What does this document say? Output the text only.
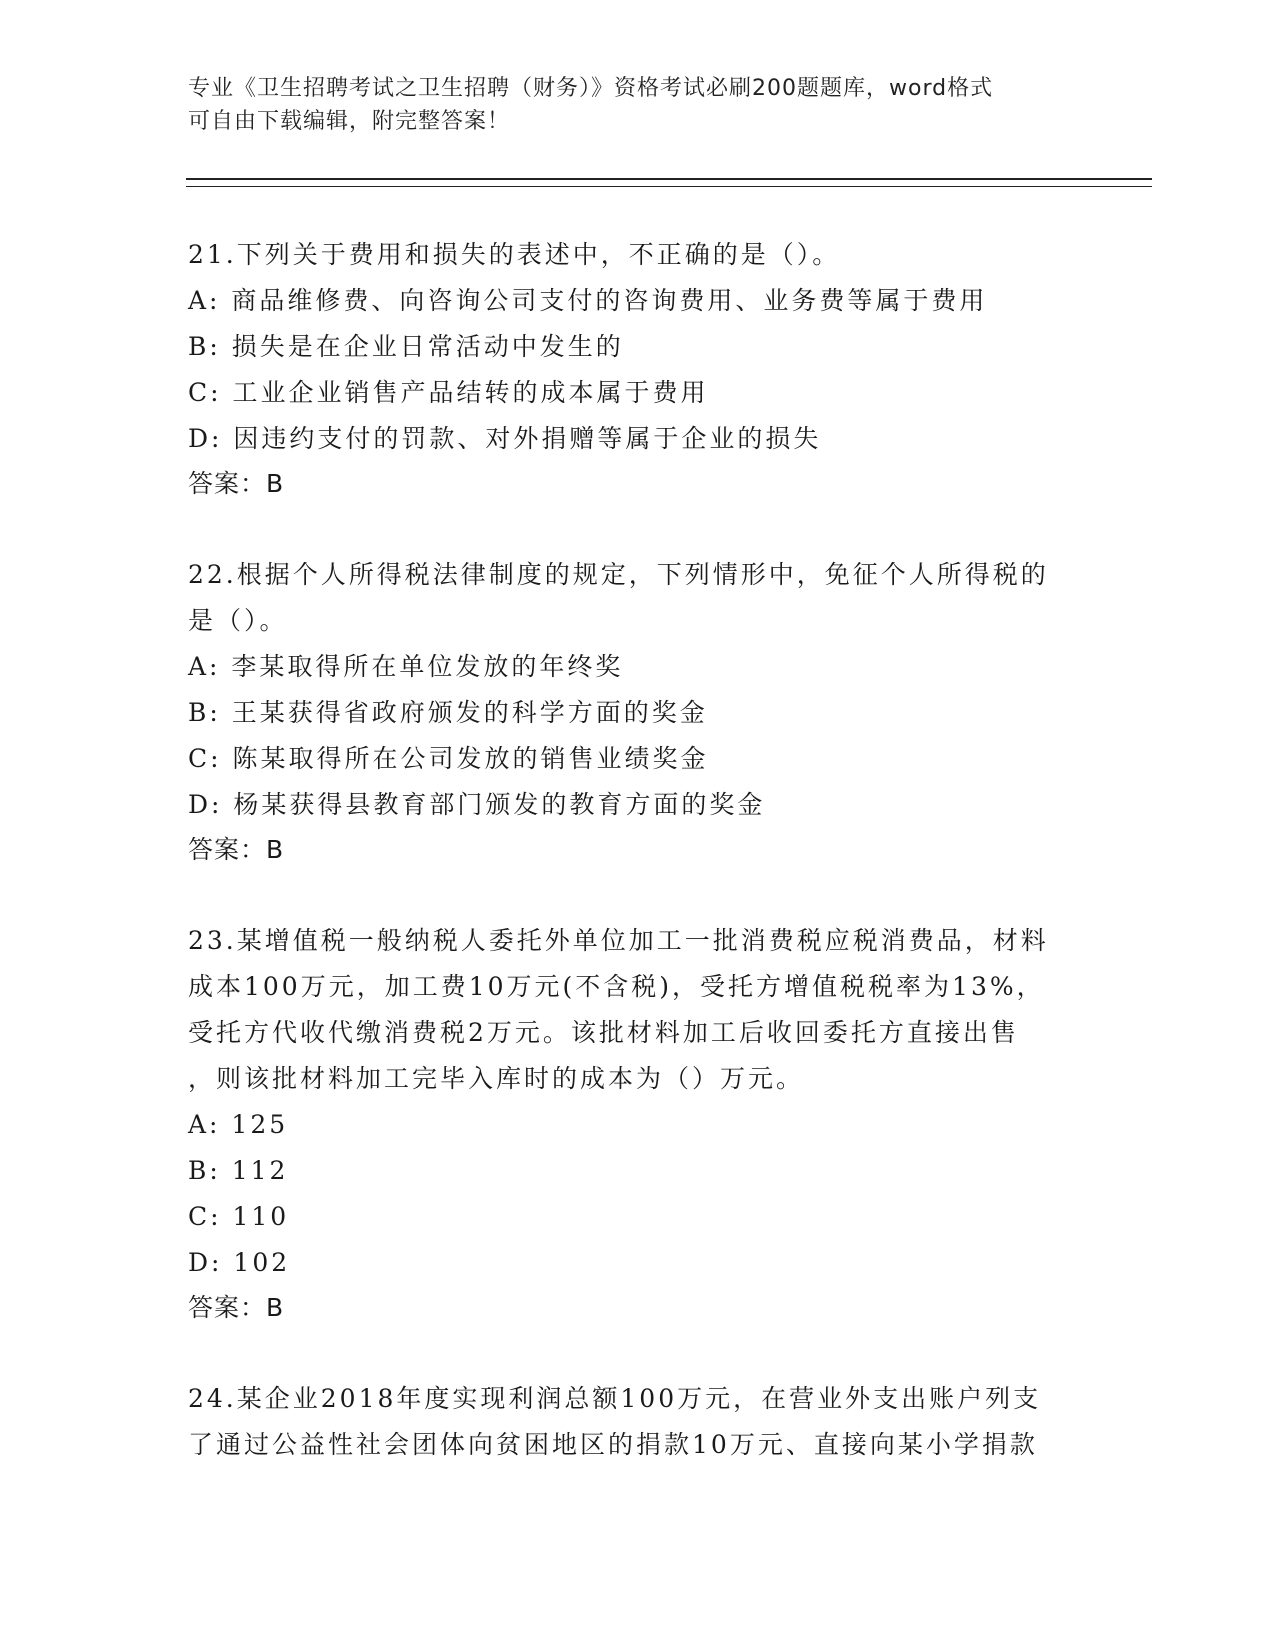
专业《卫生招聘考试之卫生招聘（财务）》资格考试必刷200题题库，word格式
可自由下载编辑，附完整答案！
21.下列关于费用和损失的表述中，不正确的是（）。
A: 商品维修费、向咨询公司支付的咨询费用、业务费等属于费用
B: 损失是在企业日常活动中发生的
C: 工业企业销售产品结转的成本属于费用
D: 因违约支付的罚款、对外捐赠等属于企业的损失
答案：B
22.根据个人所得税法律制度的规定，下列情形中，免征个人所得税的
是（）。
A: 李某取得所在单位发放的年终奖
B: 王某获得省政府颁发的科学方面的奖金
C: 陈某取得所在公司发放的销售业绩奖金
D: 杨某获得县教育部门颁发的教育方面的奖金
答案：B
23.某增值税一般纳税人委托外单位加工一批消费税应税消费品，材料
成本100万元，加工费10万元(不含税)，受托方增值税税率为13%，
受托方代收代缴消费税2万元。该批材料加工后收回委托方直接出售
，则该批材料加工完毕入库时的成本为（）万元。
A: 125
B: 112
C: 110
D: 102
答案：B
24.某企业2018年度实现利润总额100万元，在营业外支出账户列支
了通过公益性社会团体向贫困地区的捐款10万元、直接向某小学捐款
